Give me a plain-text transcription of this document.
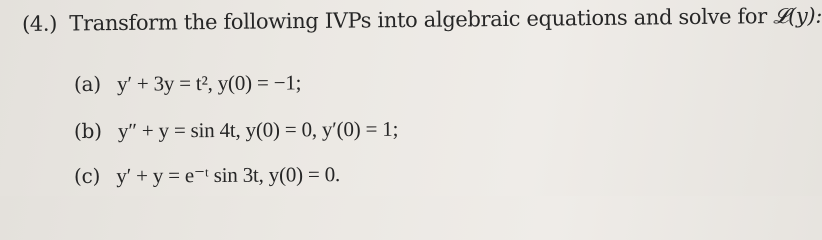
(4.) Transform the following IVPs into algebraic equations and solve for 𝓛(y):
(a) y′ + 3y = t², y(0) = −1;
(b) y″ + y = sin 4t, y(0) = 0, y′(0) = 1;
(c) y′ + y = e⁻ᵗ sin 3t, y(0) = 0.
